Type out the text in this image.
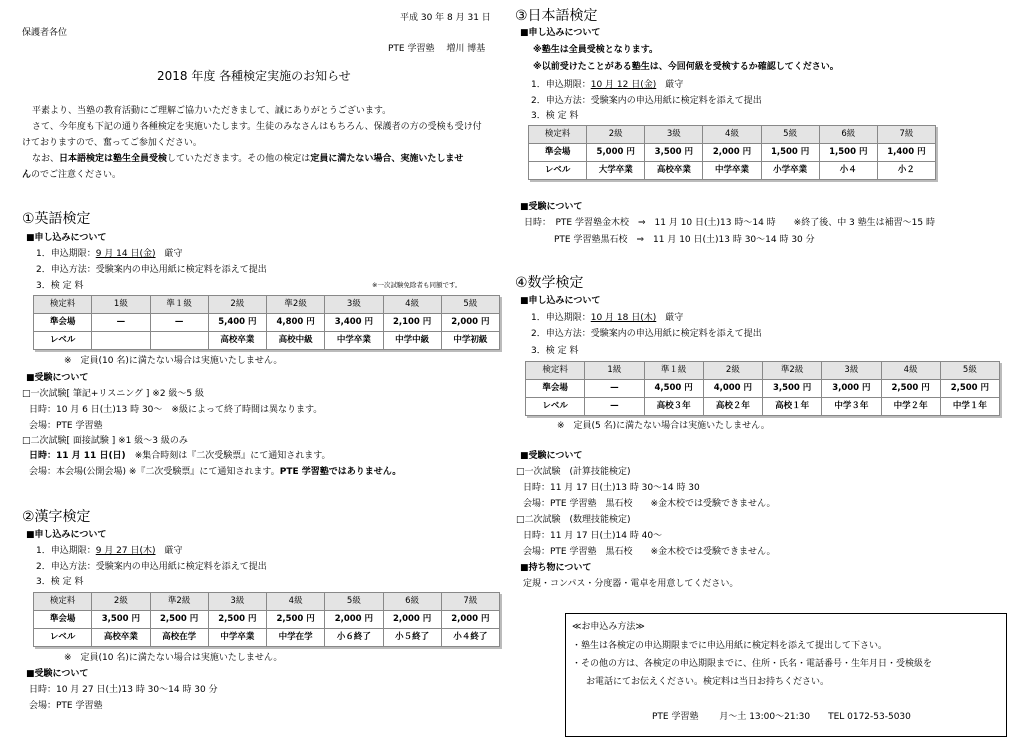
平成 30 年 8 月 31 日
保護者各位
PTE 学習塾　 増川 博基
2018 年度 各種検定実施のお知らせ
平素より、当塾の教育活動にご理解ご協力いただきまして、誠にありがとうございます。
さて、今年度も下記の通り各種検定を実施いたします。生徒のみなさんはもちろん、保護者の方の受検も受け付
けておりますので、奮ってご参加ください。
なお、日本語検定は塾生全員受検していただきます。その他の検定は定員に満たない場合、実施いたしませ
んのでご注意ください。
①英語検定
■申し込みについて
1．申込期限：9 月 14 日(金)　 厳守
2．申込方法：受験案内の申込用紙に検定料を添えて提出
3．検 定 料	※一次試験免除者も同額です。
検定料	1級	準１級	2級	準2級	3級	4級	5級
準会場	—	—	5,400 円	4,800 円	3,400 円	2,100 円	2,000 円
レベル			高校卒業	高校中級	中学卒業	中学中級	中学初級
※　定員(10 名)に満たない場合は実施いたしません。
■受験について
□一次試験[ 筆記+リスニング ] ※2 級～5 級
日時：10 月 6 日(土)13 時 30～　※級によって終了時間は異なります。
会場：PTE 学習塾
□二次試験[ 面接試験 ] ※1 級～3 級のみ
日時：11 月 11 日(日)　 ※集合時刻は『二次受験票』にて通知されます。
会場：本会場(公開会場) ※『二次受験票』にて通知されます。PTE 学習塾ではありません。
②漢字検定
■申し込みについて
1．申込期限：9 月 27 日(木)　 厳守
2．申込方法：受験案内の申込用紙に検定料を添えて提出
3．検 定 料
検定料	2級	準2級	3級	4級	5級	6級	7級
準会場	3,500 円	2,500 円	2,500 円	2,500 円	2,000 円	2,000 円	2,000 円
レベル	高校卒業	高校在学	中学卒業	中学在学	小６終了	小５終了	小４終了
※　定員(10 名)に満たない場合は実施いたしません。
■受験について
日時：10 月 27 日(土)13 時 30～14 時 30 分
会場：PTE 学習塾
③日本語検定
■申し込みについて
※塾生は全員受検となります。
※以前受けたことがある塾生は、今回何級を受検するか確認してください。
1．申込期限：10 月 12 日(金)　 厳守
2．申込方法：受験案内の申込用紙に検定料を添えて提出
3．検 定 料
検定料	2級	3級	4級	5級	6級	7級
準会場	5,000 円	3,500 円	2,000 円	1,500 円	1,500 円	1,400 円
レベル	大学卒業	高校卒業	中学卒業	小学卒業	小４	小２
■受験について
日時：　PTE 学習塾金木校　⇒　11 月 10 日(土)13 時～14 時　　※終了後、中 3 塾生は補習～15 時
PTE 学習塾黒石校　⇒　11 月 10 日(土)13 時 30～14 時 30 分
④数学検定
■申し込みについて
1．申込期限：10 月 18 日(木)　 厳守
2．申込方法：受験案内の申込用紙に検定料を添えて提出
3．検 定 料
検定料	1級	準１級	2級	準2級	3級	4級	5級
準会場	—	4,500 円	4,000 円	3,500 円	3,000 円	2,500 円	2,500 円
レベル	—	高校３年	高校２年	高校１年	中学３年	中学２年	中学１年
※　定員(5 名)に満たない場合は実施いたしません。
■受験について
□一次試験　(計算技能検定)
日時：11 月 17 日(土)13 時 30～14 時 30
会場：PTE 学習塾　黒石校　　※金木校では受験できません。
□二次試験　(数理技能検定)
日時：11 月 17 日(土)14 時 40～
会場：PTE 学習塾　黒石校　　※金木校では受験できません。
■持ち物について
定規・コンパス・分度器・電卓を用意してください。
≪お申込み方法≫
・塾生は各検定の申込期限までに申込用紙に検定料を添えて提出して下さい。
・その他の方は、各検定の申込期限までに、住所・氏名・電話番号・生年月日・受検級を
お電話にてお伝えください。検定料は当日お持ちください。
PTE 学習塾　　 月～土 13:00～21:30　　TEL 0172-53-5030
